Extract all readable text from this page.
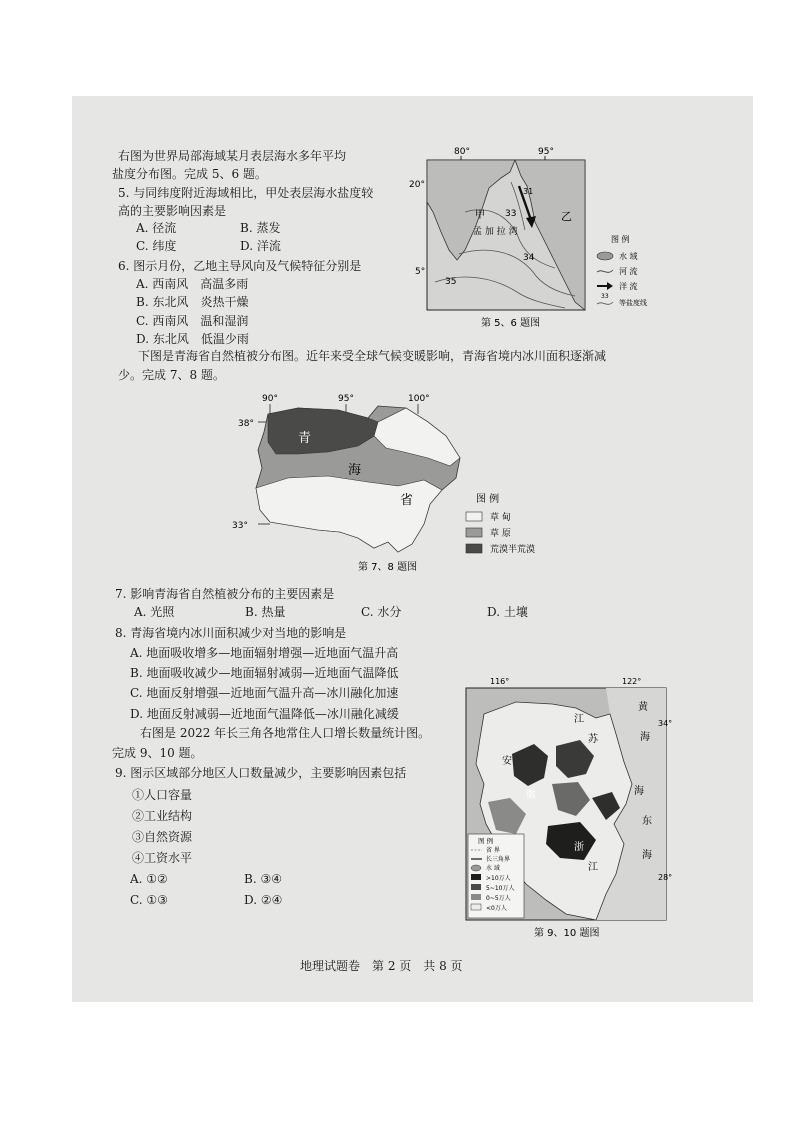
右图为世界局部海域某月表层海水多年平均
盐度分布图。完成 5、6 题。
5. 与同纬度附近海域相比，甲处表层海水盐度较
高的主要影响因素是
A. 径流	B. 蒸发
C. 纬度	D. 洋流
6. 图示月份，乙地主导风向及气候特征分别是
A. 西南风　高温多雨
B. 东北风　炎热干燥
C. 西南风　温和湿润
D. 东北风　低温少雨
80°	95°
20°
5°
甲	乙
孟 加 拉 湾
33
31
34
35
图 例
水 域
河 流
洋 流
33
等盐度线
第 5、6 题图
下图是青海省自然植被分布图。近年来受全球气候变暖影响，青海省境内冰川面积逐渐减
少。完成 7、8 题。
90°	95°	100°
38°
33°
青
海
省	图 例
草 甸
草 原
荒漠半荒漠
第 7、8 题图
7. 影响青海省自然植被分布的主要因素是
A. 光照	B. 热量	C. 水分	D. 土壤
8. 青海省境内冰川面积减少对当地的影响是
A. 地面吸收增多—地面辐射增强—近地面气温升高
B. 地面吸收减少—地面辐射减弱—近地面气温降低
C. 地面反射增强—近地面气温升高—冰川融化加速
D. 地面反射减弱—近地面气温降低—冰川融化减缓
右图是 2022 年长三角各地常住人口增长数量统计图。
完成 9、10 题。
9. 图示区域部分地区人口数量减少，主要影响因素包括
①人口容量
②工业结构
③自然资源
④工资水平
A. ①②	B. ③④
C. ①③	D. ②④
116°	122°
34°
28°
江
苏
安
徽
浙
江
黄
海
东
海
海
图 例
省 界
长三角界
水 域
>10万人
5~10万人
0~5万人
<0万人
第 9、10 题图
地理试题卷　第 2 页　共 8 页
